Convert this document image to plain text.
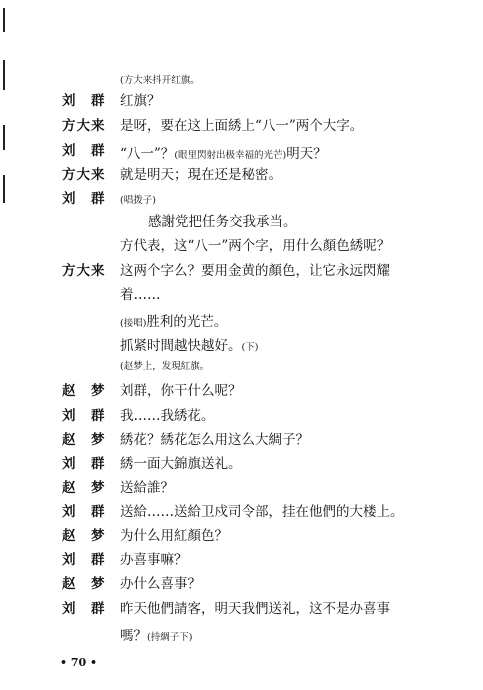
(方大来抖开红旗。
刘　群 红旗？
方大来 是呀，要在这上面綉上“八一”两个大字。
刘　群 “八一”？(眼里閃射出极幸福的光芒)明天？
方大来 就是明天；現在还是秘密。
刘　群 (唱拨子)
感謝党把任务交我承当。
方代表，这“八一”两个字，用什么顏色綉呢？
方大来 这两个字么？要用金黄的顏色，让它永远閃耀
着……
(接唱)胜利的光芒。
抓紧时間越快越好。(下)
(赵梦上，发現紅旗。
赵　梦 刘群，你干什么呢？
刘　群 我……我綉花。
赵　梦 綉花？綉花怎么用这么大綢子？
刘　群 綉一面大錦旗送礼。
赵　梦 送給誰？
刘　群 送給……送給卫戍司令部，挂在他們的大楼上。
赵　梦 为什么用紅顏色？
刘　群 办喜事嘛？
赵　梦 办什么喜事？
刘　群 昨天他們請客，明天我們送礼，这不是办喜事
嗎？(持綢子下)
• 70 •
